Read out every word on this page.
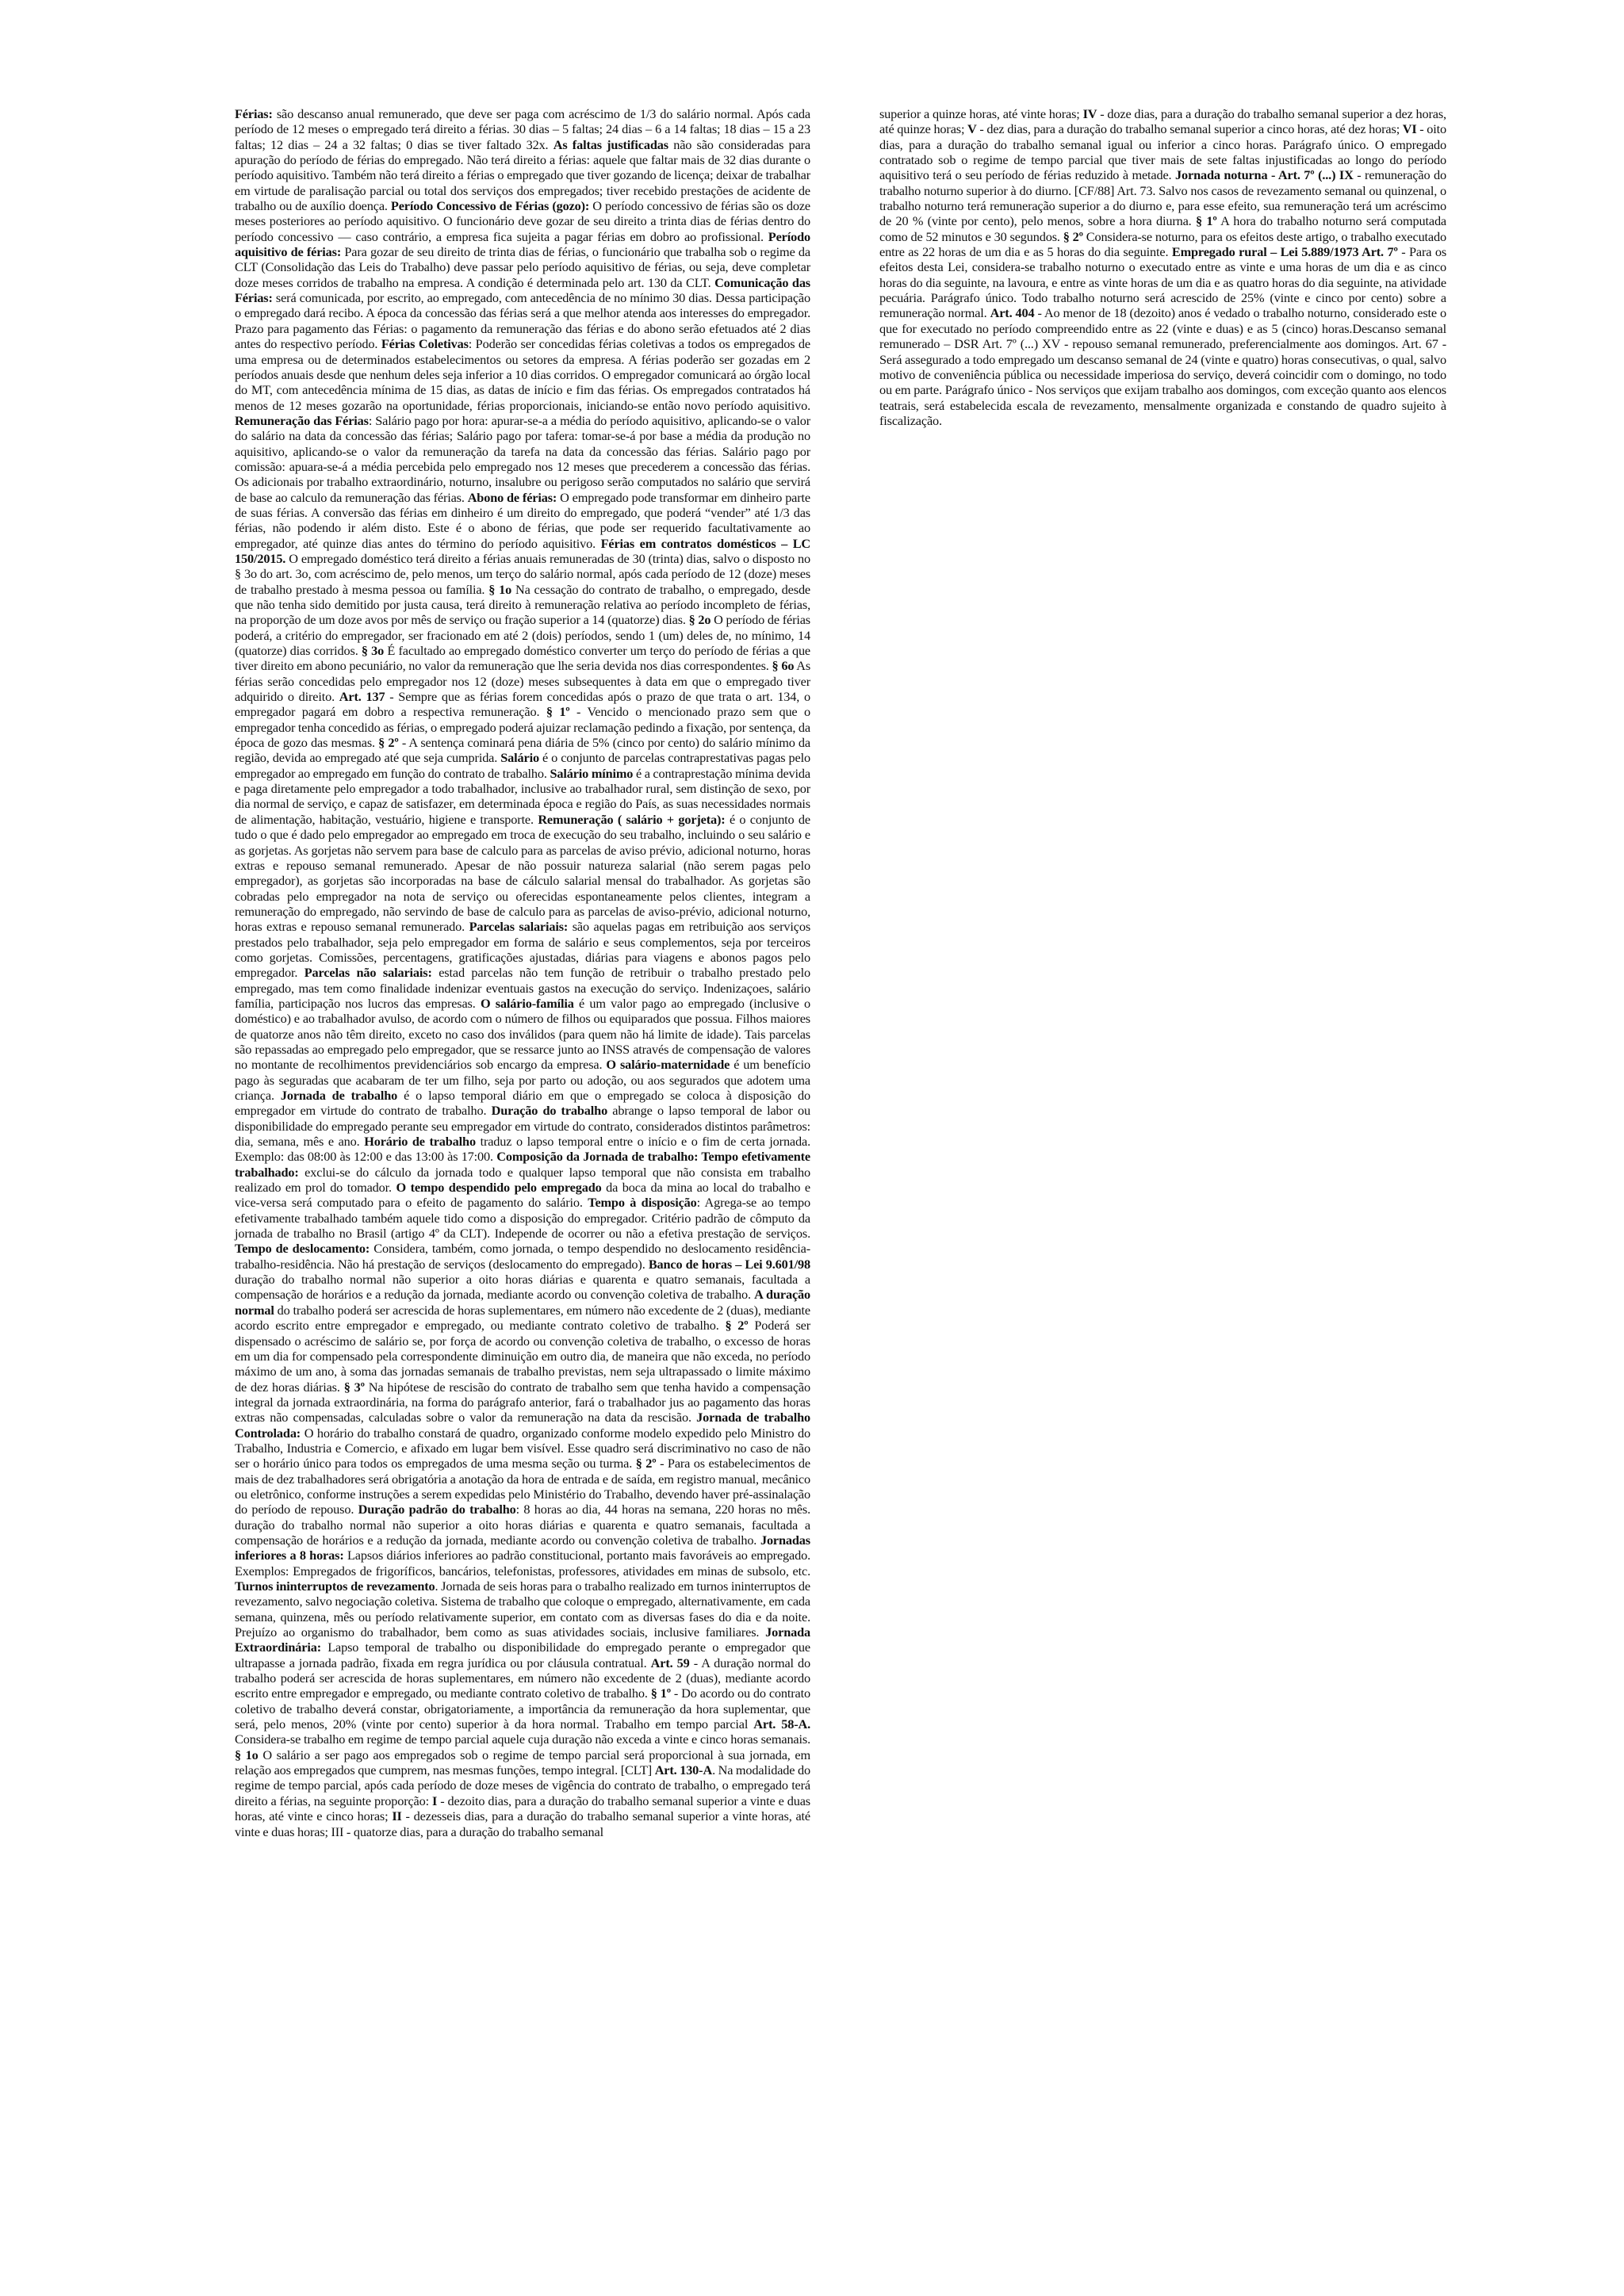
Férias: são descanso anual remunerado, que deve ser paga com acréscimo de 1/3 do salário normal. Após cada período de 12 meses o empregado terá direito a férias. 30 dias – 5 faltas; 24 dias – 6 a 14 faltas; 18 dias – 15 a 23 faltas; 12 dias – 24 a 32 faltas; 0 dias se tiver faltado 32x. As faltas justificadas não são consideradas para apuração do período de férias do empregado. Não terá direito a férias: aquele que faltar mais de 32 dias durante o período aquisitivo. Também não terá direito a férias o empregado que tiver gozando de licença; deixar de trabalhar em virtude de paralisação parcial ou total dos serviços dos empregados; tiver recebido prestações de acidente de trabalho ou de auxílio doença. Período Concessivo de Férias (gozo): O período concessivo de férias são os doze meses posteriores ao período aquisitivo. O funcionário deve gozar de seu direito a trinta dias de férias dentro do período concessivo — caso contrário, a empresa fica sujeita a pagar férias em dobro ao profissional. Período aquisitivo de férias: Para gozar de seu direito de trinta dias de férias, o funcionário que trabalha sob o regime da CLT (Consolidação das Leis do Trabalho) deve passar pelo período aquisitivo de férias, ou seja, deve completar doze meses corridos de trabalho na empresa. A condição é determinada pelo art. 130 da CLT. Comunicação das Férias: será comunicada, por escrito, ao empregado, com antecedência de no mínimo 30 dias. Dessa participação o empregado dará recibo. A época da concessão das férias será a que melhor atenda aos interesses do empregador. Prazo para pagamento das Férias: o pagamento da remuneração das férias e do abono serão efetuados até 2 dias antes do respectivo período. Férias Coletivas: Poderão ser concedidas férias coletivas a todos os empregados de uma empresa ou de determinados estabelecimentos ou setores da empresa. A férias poderão ser gozadas em 2 períodos anuais desde que nenhum deles seja inferior a 10 dias corridos. O empregador comunicará ao órgão local do MT, com antecedência mínima de 15 dias, as datas de início e fim das férias. Os empregados contratados há menos de 12 meses gozarão na oportunidade, férias proporcionais, iniciando-se então novo período aquisitivo. Remuneração das Férias: Salário pago por hora: apurar-se-a a média do período aquisitivo, aplicando-se o valor do salário na data da concessão das férias; Salário pago por tafera: tomar-se-á por base a média da produção no aquisitivo, aplicando-se o valor da remuneração da tarefa na data da concessão das férias. Salário pago por comissão: apuara-se-á a média percebida pelo empregado nos 12 meses que precederem a concessão das férias. Os adicionais por trabalho extraordinário, noturno, insalubre ou perigoso serão computados no salário que servirá de base ao calculo da remuneração das férias. Abono de férias: O empregado pode transformar em dinheiro parte de suas férias. A conversão das férias em dinheiro é um direito do empregado, que poderá “vender” até 1/3 das férias, não podendo ir além disto. Este é o abono de férias, que pode ser requerido facultativamente ao empregador, até quinze dias antes do término do período aquisitivo. Férias em contratos domésticos – LC 150/2015. O empregado doméstico terá direito a férias anuais remuneradas de 30 (trinta) dias, salvo o disposto no § 3o do art. 3o, com acréscimo de, pelo menos, um terço do salário normal, após cada período de 12 (doze) meses de trabalho prestado à mesma pessoa ou família. § 1o Na cessação do contrato de trabalho, o empregado, desde que não tenha sido demitido por justa causa, terá direito à remuneração relativa ao período incompleto de férias, na proporção de um doze avos por mês de serviço ou fração superior a 14 (quatorze) dias. § 2o O período de férias poderá, a critério do empregador, ser fracionado em até 2 (dois) períodos, sendo 1 (um) deles de, no mínimo, 14 (quatorze) dias corridos. § 3o É facultado ao empregado doméstico converter um terço do período de férias a que tiver direito em abono pecuniário, no valor da remuneração que lhe seria devida nos dias correspondentes. § 6o As férias serão concedidas pelo empregador nos 12 (doze) meses subsequentes à data em que o empregado tiver adquirido o direito. Art. 137 - Sempre que as férias forem concedidas após o prazo de que trata o art. 134, o empregador pagará em dobro a respectiva remuneração. § 1º - Vencido o mencionado prazo sem que o empregador tenha concedido as férias, o empregado poderá ajuizar reclamação pedindo a fixação, por sentença, da época de gozo das mesmas. § 2º - A sentença cominará pena diária de 5% (cinco por cento) do salário mínimo da região, devida ao empregado até que seja cumprida. Salário é o conjunto de parcelas contraprestativas pagas pelo empregador ao empregado em função do contrato de trabalho. Salário mínimo é a contraprestação mínima devida e paga diretamente pelo empregador a todo trabalhador, inclusive ao trabalhador rural, sem distinção de sexo, por dia normal de serviço, e capaz de satisfazer, em determinada época e região do País, as suas necessidades normais de alimentação, habitação, vestuário, higiene e transporte. Remuneração ( salário + gorjeta): é o conjunto de tudo o que é dado pelo empregador ao empregado em troca de execução do seu trabalho, incluindo o seu salário e as gorjetas. As gorjetas não servem para base de calculo para as parcelas de aviso prévio, adicional noturno, horas extras e repouso semanal remunerado. Apesar de não possuir natureza salarial (não serem pagas pelo empregador), as gorjetas são incorporadas na base de cálculo salarial mensal do trabalhador. As gorjetas são cobradas pelo empregador na nota de serviço ou oferecidas espontaneamente pelos clientes, integram a remuneração do empregado, não servindo de base de calculo para as parcelas de aviso-prévio, adicional noturno, horas extras e repouso semanal remunerado. Parcelas salariais: são aquelas pagas em retribuição aos serviços prestados pelo trabalhador, seja pelo empregador em forma de salário e seus complementos, seja por terceiros como gorjetas. Comissões, percentagens, gratificações ajustadas, diárias para viagens e abonos pagos pelo empregador. Parcelas não salariais: estad parcelas não tem função de retribuir o trabalho prestado pelo empregado, mas tem como finalidade indenizar eventuais gastos na execução do serviço. Indenizaçoes, salário família, participação nos lucros das empresas. O salário-família é um valor pago ao empregado (inclusive o doméstico) e ao trabalhador avulso, de acordo com o número de filhos ou equiparados que possua. Filhos maiores de quatorze anos não têm direito, exceto no caso dos inválidos (para quem não há limite de idade). Tais parcelas são repassadas ao empregado pelo empregador, que se ressarce junto ao INSS através de compensação de valores no montante de recolhimentos previdenciários sob encargo da empresa. O salário-maternidade é um benefício pago às seguradas que acabaram de ter um filho, seja por parto ou adoção, ou aos segurados que adotem uma criança. Jornada de trabalho é o lapso temporal diário em que o empregado se coloca à disposição do empregador em virtude do contrato de trabalho. Duração do trabalho abrange o lapso temporal de labor ou disponibilidade do empregado perante seu empregador em virtude do contrato, considerados distintos parâmetros: dia, semana, mês e ano. Horário de trabalho traduz o lapso temporal entre o início e o fim de certa jornada. Exemplo: das 08:00 às 12:00 e das 13:00 às 17:00. Composição da Jornada de trabalho: Tempo efetivamente trabalhado: exclui-se do cálculo da jornada todo e qualquer lapso temporal que não consista em trabalho realizado em prol do tomador. O tempo despendido pelo empregado da boca da mina ao local do trabalho e vice-versa será computado para o efeito de pagamento do salário. Tempo à disposição: Agrega-se ao tempo efetivamente trabalhado também aquele tido como a disposição do empregador. Critério padrão de cômputo da jornada de trabalho no Brasil (artigo 4º da CLT). Independe de ocorrer ou não a efetiva prestação de serviços. Tempo de deslocamento: Considera, também, como jornada, o tempo despendido no deslocamento residência-trabalho-residência. Não há prestação de serviços (deslocamento do empregado). Banco de horas – Lei 9.601/98 duração do trabalho normal não superior a oito horas diárias e quarenta e quatro semanais, facultada a compensação de horários e a redução da jornada, mediante acordo ou convenção coletiva de trabalho. A duração normal do trabalho poderá ser acrescida de horas suplementares, em número não excedente de 2 (duas), mediante acordo escrito entre empregador e empregado, ou mediante contrato coletivo de trabalho. § 2º Poderá ser dispensado o acréscimo de salário se, por força de acordo ou convenção coletiva de trabalho, o excesso de horas em um dia for compensado pela correspondente diminuição em outro dia, de maneira que não exceda, no período máximo de um ano, à soma das jornadas semanais de trabalho previstas, nem seja ultrapassado o limite máximo de dez horas diárias. § 3º Na hipótese de rescisão do contrato de trabalho sem que tenha havido a compensação integral da jornada extraordinária, na forma do parágrafo anterior, fará o trabalhador jus ao pagamento das horas extras não compensadas, calculadas sobre o valor da remuneração na data da rescisão. Jornada de trabalho Controlada: O horário do trabalho constará de quadro, organizado conforme modelo expedido pelo Ministro do Trabalho, Industria e Comercio, e afixado em lugar bem visível. Esse quadro será discriminativo no caso de não ser o horário único para todos os empregados de uma mesma seção ou turma. § 2º - Para os estabelecimentos de mais de dez trabalhadores será obrigatória a anotação da hora de entrada e de saída, em registro manual, mecânico ou eletrônico, conforme instruções a serem expedidas pelo Ministério do Trabalho, devendo haver pré-assinalação do período de repouso. Duração padrão do trabalho: 8 horas ao dia, 44 horas na semana, 220 horas no mês. duração do trabalho normal não superior a oito horas diárias e quarenta e quatro semanais, facultada a compensação de horários e a redução da jornada, mediante acordo ou convenção coletiva de trabalho. Jornadas inferiores a 8 horas: Lapsos diários inferiores ao padrão constitucional, portanto mais favoráveis ao empregado. Exemplos: Empregados de frigoríficos, bancários, telefonistas, professores, atividades em minas de subsolo, etc. Turnos ininterruptos de revezamento. Jornada de seis horas para o trabalho realizado em turnos ininterruptos de revezamento, salvo negociação coletiva. Sistema de trabalho que coloque o empregado, alternativamente, em cada semana, quinzena, mês ou período relativamente superior, em contato com as diversas fases do dia e da noite. Prejuízo ao organismo do trabalhador, bem como as suas atividades sociais, inclusive familiares. Jornada Extraordinária: Lapso temporal de trabalho ou disponibilidade do empregado perante o empregador que ultrapasse a jornada padrão, fixada em regra jurídica ou por cláusula contratual. Art. 59 - A duração normal do trabalho poderá ser acrescida de horas suplementares, em número não excedente de 2 (duas), mediante acordo escrito entre empregador e empregado, ou mediante contrato coletivo de trabalho. § 1º - Do acordo ou do contrato coletivo de trabalho deverá constar, obrigatoriamente, a importância da remuneração da hora suplementar, que será, pelo menos, 20% (vinte por cento) superior à da hora normal. Trabalho em tempo parcial Art. 58-A. Considera-se trabalho em regime de tempo parcial aquele cuja duração não exceda a vinte e cinco horas semanais. § 1o O salário a ser pago aos empregados sob o regime de tempo parcial será proporcional à sua jornada, em relação aos empregados que cumprem, nas mesmas funções, tempo integral. [CLT] Art. 130-A. Na modalidade do regime de tempo parcial, após cada período de doze meses de vigência do contrato de trabalho, o empregado terá direito a férias, na seguinte proporção: I - dezoito dias, para a duração do trabalho semanal superior a vinte e duas horas, até vinte e cinco horas; II - dezesseis dias, para a duração do trabalho semanal superior a vinte horas, até vinte e duas horas; III - quatorze dias, para a duração do trabalho semanal

superior a quinze horas, até vinte horas; IV - doze dias, para a duração do trabalho semanal superior a dez horas, até quinze horas; V - dez dias, para a duração do trabalho semanal superior a cinco horas, até dez horas; VI - oito dias, para a duração do trabalho semanal igual ou inferior a cinco horas. Parágrafo único. O empregado contratado sob o regime de tempo parcial que tiver mais de sete faltas injustificadas ao longo do período aquisitivo terá o seu período de férias reduzido à metade. Jornada noturna - Art. 7º (...) IX - remuneração do trabalho noturno superior à do diurno. [CF/88] Art. 73. Salvo nos casos de revezamento semanal ou quinzenal, o trabalho noturno terá remuneração superior a do diurno e, para esse efeito, sua remuneração terá um acréscimo de 20 % (vinte por cento), pelo menos, sobre a hora diurna. § 1º A hora do trabalho noturno será computada como de 52 minutos e 30 segundos. § 2º Considera-se noturno, para os efeitos deste artigo, o trabalho executado entre as 22 horas de um dia e as 5 horas do dia seguinte. Empregado rural – Lei 5.889/1973 Art. 7º - Para os efeitos desta Lei, considera-se trabalho noturno o executado entre as vinte e uma horas de um dia e as cinco horas do dia seguinte, na lavoura, e entre as vinte horas de um dia e as quatro horas do dia seguinte, na atividade pecuária. Parágrafo único. Todo trabalho noturno será acrescido de 25% (vinte e cinco por cento) sobre a remuneração normal. Art. 404 - Ao menor de 18 (dezoito) anos é vedado o trabalho noturno, considerado este o que for executado no período compreendido entre as 22 (vinte e duas) e as 5 (cinco) horas.Descanso semanal remunerado – DSR Art. 7º (...) XV - repouso semanal remunerado, preferencialmente aos domingos. Art. 67 - Será assegurado a todo empregado um descanso semanal de 24 (vinte e quatro) horas consecutivas, o qual, salvo motivo de conveniência pública ou necessidade imperiosa do serviço, deverá coincidir com o domingo, no todo ou em parte. Parágrafo único - Nos serviços que exijam trabalho aos domingos, com exceção quanto aos elencos teatrais, será estabelecida escala de revezamento, mensalmente organizada e constando de quadro sujeito à fiscalização.
